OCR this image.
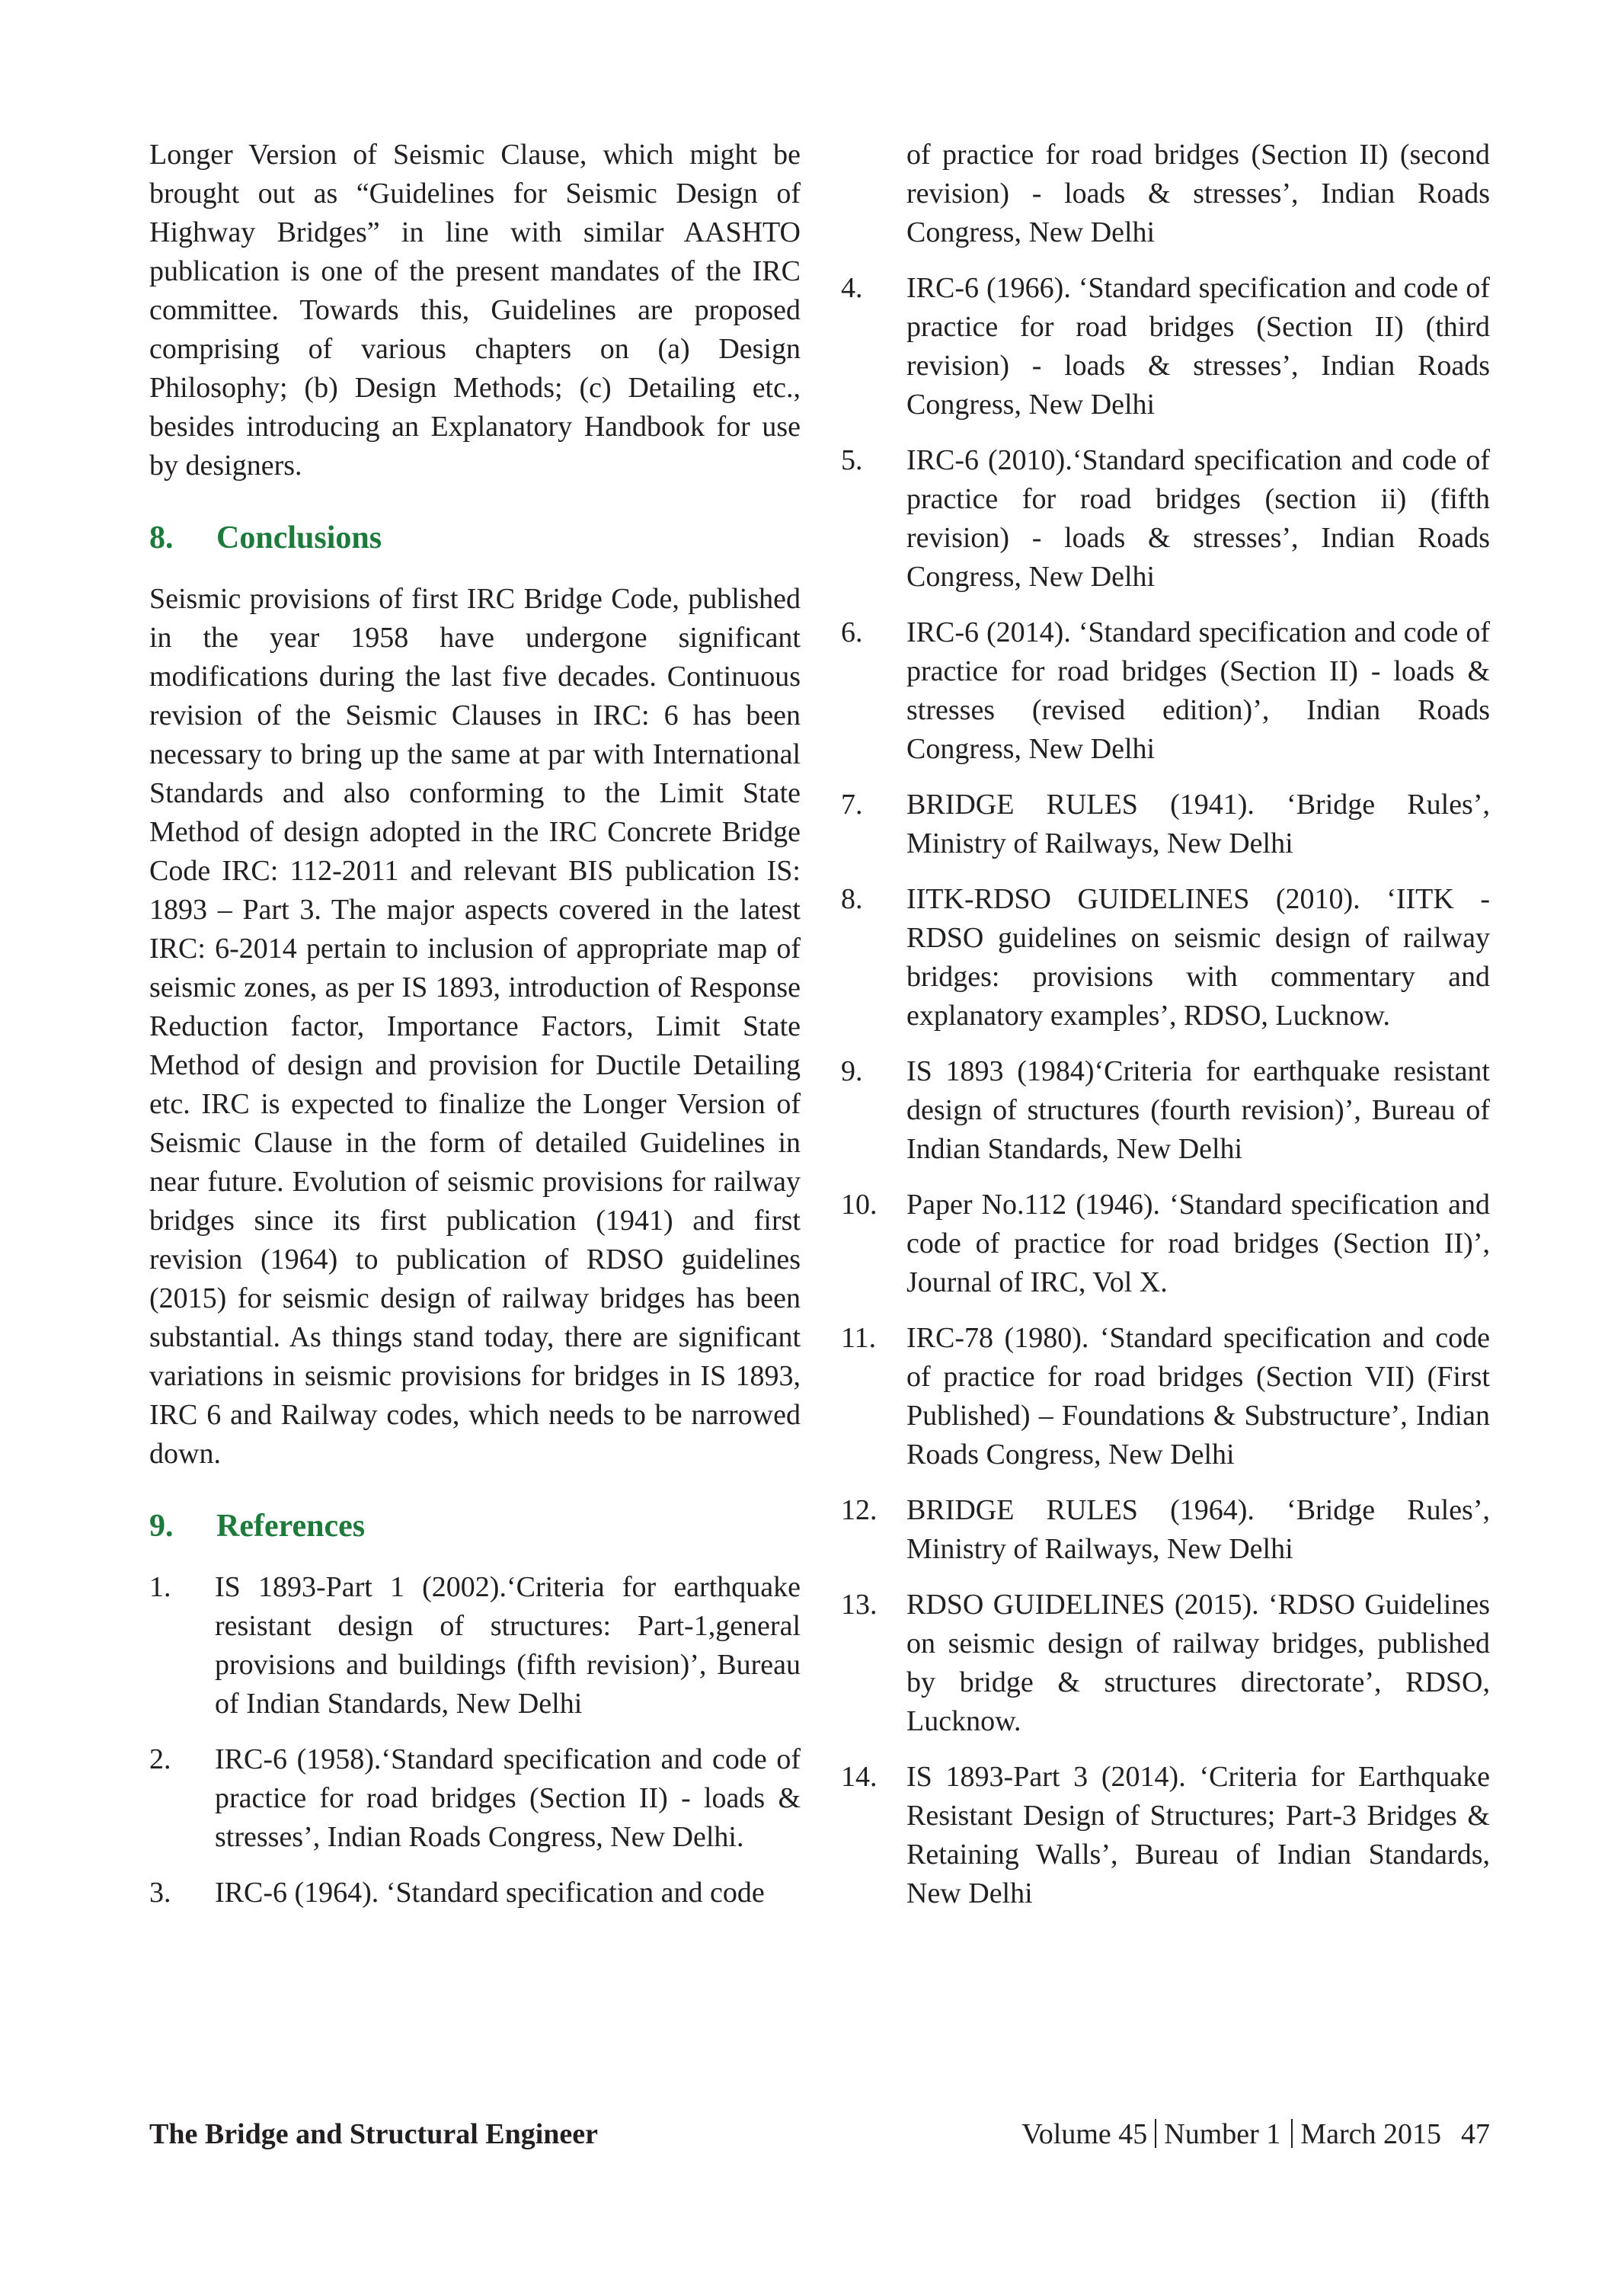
Longer Version of Seismic Clause, which might be brought out as “Guidelines for Seismic Design of Highway Bridges” in line with similar AASHTO publication is one of the present mandates of the IRC committee. Towards this, Guidelines are proposed comprising of various chapters on (a) Design Philosophy; (b) Design Methods; (c) Detailing etc., besides introducing an Explanatory Handbook for use by designers.

8. Conclusions

Seismic provisions of first IRC Bridge Code, published in the year 1958 have undergone significant modifications during the last five decades. Continuous revision of the Seismic Clauses in IRC: 6 has been necessary to bring up the same at par with International Standards and also conforming to the Limit State Method of design adopted in the IRC Concrete Bridge Code IRC: 112-2011 and relevant BIS publication IS: 1893 – Part 3. The major aspects covered in the latest IRC: 6-2014 pertain to inclusion of appropriate map of seismic zones, as per IS 1893, introduction of Response Reduction factor, Importance Factors, Limit State Method of design and provision for Ductile Detailing etc. IRC is expected to finalize the Longer Version of Seismic Clause in the form of detailed Guidelines in near future. Evolution of seismic provisions for railway bridges since its first publication (1941) and first revision (1964) to publication of RDSO guidelines (2015) for seismic design of railway bridges has been substantial. As things stand today, there are significant variations in seismic provisions for bridges in IS 1893, IRC 6 and Railway codes, which needs to be narrowed down.

9. References
1. IS 1893-Part 1 (2002).‘Criteria for earthquake resistant design of structures: Part-1,general provisions and buildings (fifth revision)’, Bureau of Indian Standards, New Delhi
2. IRC-6 (1958).‘Standard specification and code of practice for road bridges (Section II) - loads & stresses’, Indian Roads Congress, New Delhi.
3. IRC-6 (1964). ‘Standard specification and code
of practice for road bridges (Section II) (second revision) - loads & stresses’, Indian Roads Congress, New Delhi
4. IRC-6 (1966). ‘Standard specification and code of practice for road bridges (Section II) (third revision) - loads & stresses’, Indian Roads Congress, New Delhi
5. IRC-6 (2010).‘Standard specification and code of practice for road bridges (section ii) (fifth revision) - loads & stresses’, Indian Roads Congress, New Delhi
6. IRC-6 (2014). ‘Standard specification and code of practice for road bridges (Section II) - loads & stresses (revised edition)’, Indian Roads Congress, New Delhi
7. BRIDGE RULES (1941). ‘Bridge Rules’, Ministry of Railways, New Delhi
8. IITK-RDSO GUIDELINES (2010). ‘IITK - RDSO guidelines on seismic design of railway bridges: provisions with commentary and explanatory examples’, RDSO, Lucknow.
9. IS 1893 (1984)‘Criteria for earthquake resistant design of structures (fourth revision)’, Bureau of Indian Standards, New Delhi
10. Paper No.112 (1946). ‘Standard specification and code of practice for road bridges (Section II)’, Journal of IRC, Vol X.
11. IRC-78 (1980). ‘Standard specification and code of practice for road bridges (Section VII) (First Published) – Foundations & Substructure’, Indian Roads Congress, New Delhi
12. BRIDGE RULES (1964). ‘Bridge Rules’, Ministry of Railways, New Delhi
13. RDSO GUIDELINES (2015). ‘RDSO Guidelines on seismic design of railway bridges, published by bridge & structures directorate’, RDSO, Lucknow.
14. IS 1893-Part 3 (2014). ‘Criteria for Earthquake Resistant Design of Structures; Part-3 Bridges & Retaining Walls’, Bureau of Indian Standards, New Delhi
The Bridge and Structural Engineer	Volume 45 Number 1 March 2015 47
